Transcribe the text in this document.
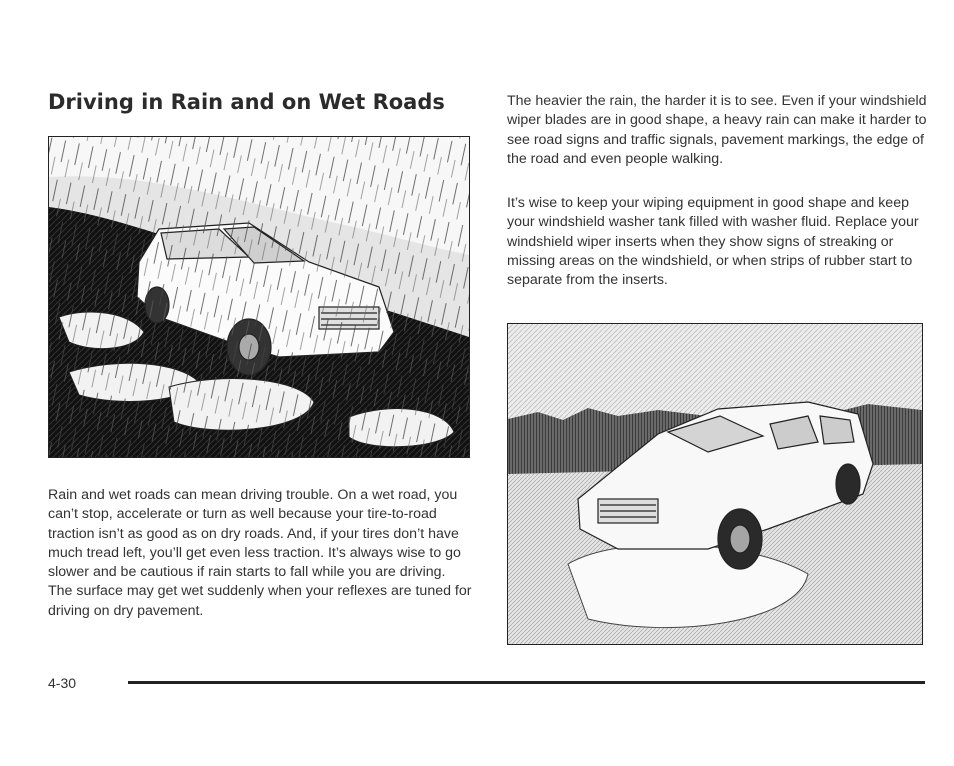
Driving in Rain and on Wet Roads
Rain and wet roads can mean driving trouble. On a wet road, you can’t stop, accelerate or turn as well because your tire-to-road traction isn’t as good as on dry roads. And, if your tires don’t have much tread left, you’ll get even less traction. It’s always wise to go slower and be cautious if rain starts to fall while you are driving. The surface may get wet suddenly when your reflexes are tuned for driving on dry pavement.
The heavier the rain, the harder it is to see. Even if your windshield wiper blades are in good shape, a heavy rain can make it harder to see road signs and traffic signals, pavement markings, the edge of the road and even people walking.
It’s wise to keep your wiping equipment in good shape and keep your windshield washer tank filled with washer fluid. Replace your windshield wiper inserts when they show signs of streaking or missing areas on the windshield, or when strips of rubber start to separate from the inserts.
4-30
